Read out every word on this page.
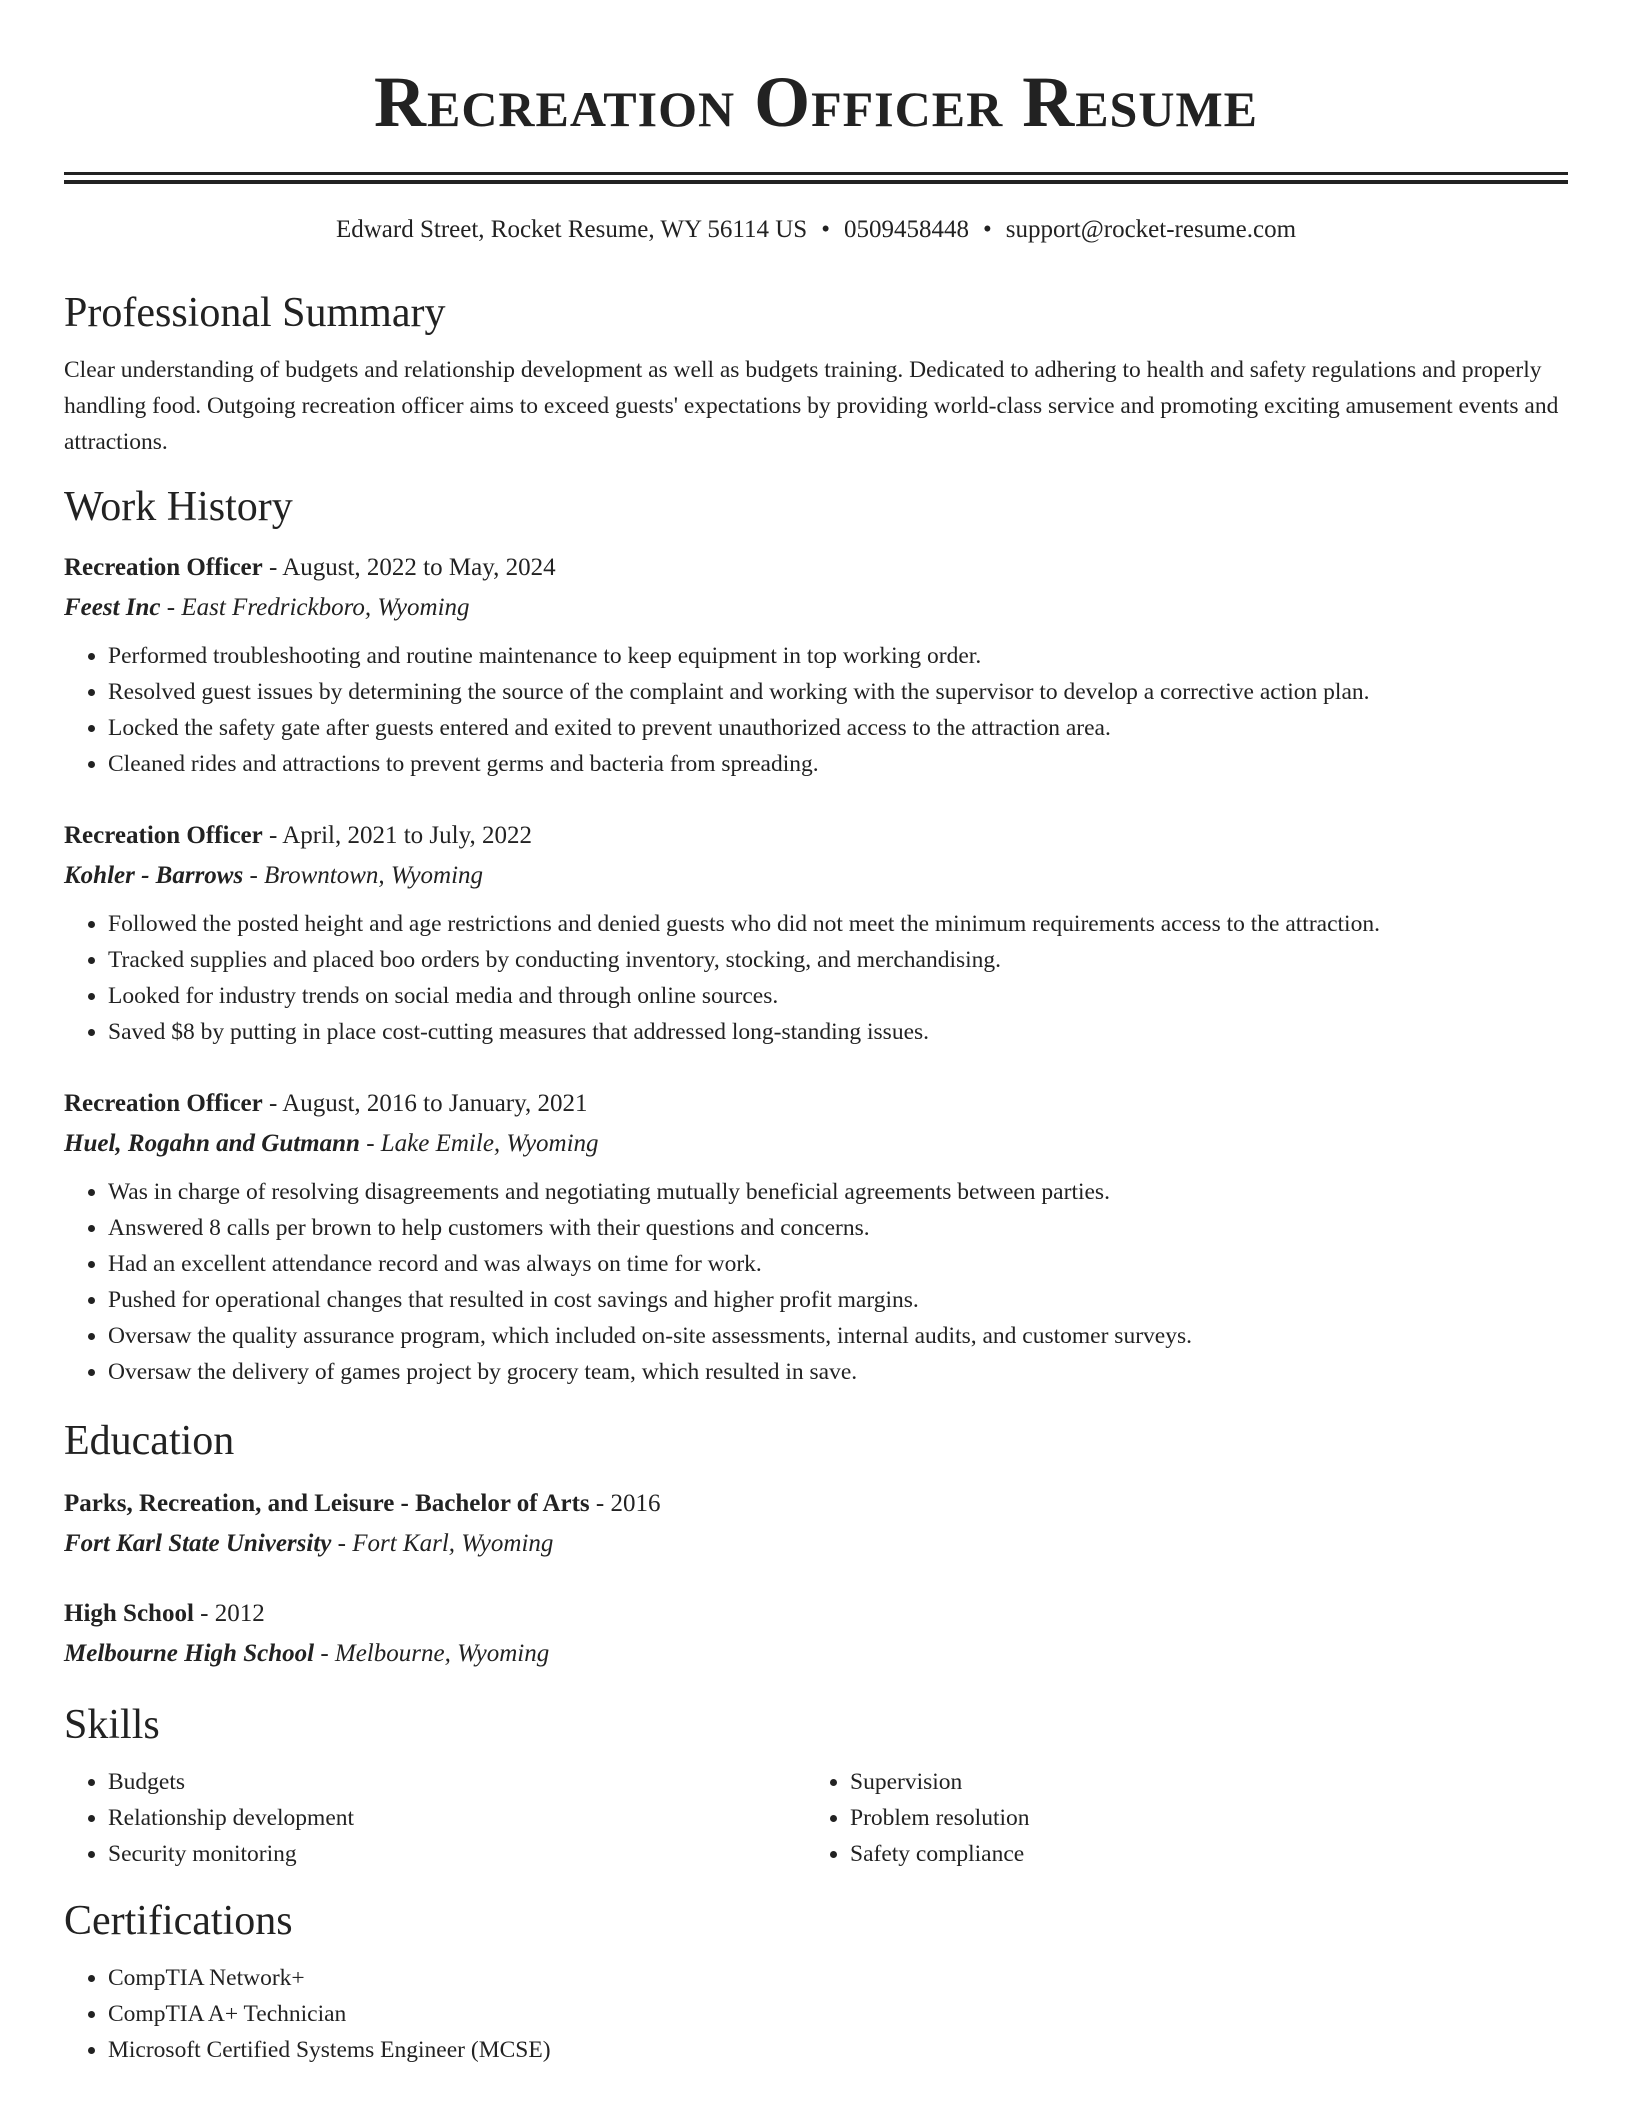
Recreation Officer Resume
Edward Street, Rocket Resume, WY 56114 US • 0509458448 • support@rocket-resume.com
Professional Summary
Clear understanding of budgets and relationship development as well as budgets training. Dedicated to adhering to health and safety regulations and properly handling food. Outgoing recreation officer aims to exceed guests' expectations by providing world-class service and promoting exciting amusement events and attractions.
Work History
Recreation Officer - August, 2022 to May, 2024
Feest Inc - East Fredrickboro, Wyoming
• Performed troubleshooting and routine maintenance to keep equipment in top working order.
• Resolved guest issues by determining the source of the complaint and working with the supervisor to develop a corrective action plan.
• Locked the safety gate after guests entered and exited to prevent unauthorized access to the attraction area.
• Cleaned rides and attractions to prevent germs and bacteria from spreading.
Recreation Officer - April, 2021 to July, 2022
Kohler - Barrows - Browntown, Wyoming
• Followed the posted height and age restrictions and denied guests who did not meet the minimum requirements access to the attraction.
• Tracked supplies and placed boo orders by conducting inventory, stocking, and merchandising.
• Looked for industry trends on social media and through online sources.
• Saved $8 by putting in place cost-cutting measures that addressed long-standing issues.
Recreation Officer - August, 2016 to January, 2021
Huel, Rogahn and Gutmann - Lake Emile, Wyoming
• Was in charge of resolving disagreements and negotiating mutually beneficial agreements between parties.
• Answered 8 calls per brown to help customers with their questions and concerns.
• Had an excellent attendance record and was always on time for work.
• Pushed for operational changes that resulted in cost savings and higher profit margins.
• Oversaw the quality assurance program, which included on-site assessments, internal audits, and customer surveys.
• Oversaw the delivery of games project by grocery team, which resulted in save.
Education
Parks, Recreation, and Leisure - Bachelor of Arts - 2016
Fort Karl State University - Fort Karl, Wyoming
High School - 2012
Melbourne High School - Melbourne, Wyoming
Skills
• Budgets
• Relationship development
• Security monitoring
• Supervision
• Problem resolution
• Safety compliance
Certifications
• CompTIA Network+
• CompTIA A+ Technician
• Microsoft Certified Systems Engineer (MCSE)
